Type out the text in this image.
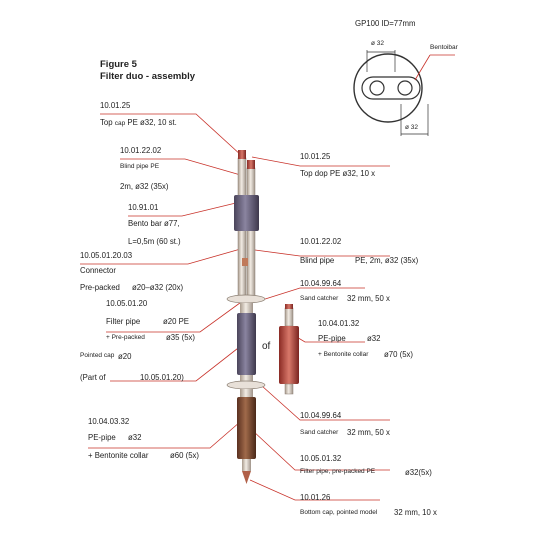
Figure 5
Filter duo - assembly
GP100 ID=77mm
ø 32
ø 32
Bentoibar
10.01.25
Top cap PE ø32, 10 st.
10.01.22.02
Blind pipe PE
2m, ø32 (35x)
10.91.01
Bento bar ø77,
L=0,5m (60 st.)
10.05.01.20.03
Connector
Pre-packed ø20–ø32 (20x)
10.05.01.20
Filter pipe	ø20 PE
+ Pre-packed	ø35 (5x)
Pointed cap ø20
(Part of	10.05.01.20)
10.04.03.32
PE-pipe ø32
+ Bentonite collar	ø60 (5x)
10.01.25
Top dop PE ø32, 10 x
10.01.22.02
Blind pipe	PE, 2m, ø32 (35x)
10.04.99.64
Sand catcher 32 mm, 50 x
10.04.01.32
PE-pipe	ø32
+ Bentonite collar ø70 (5x)
10.04.99.64
Sand catcher 32 mm, 50 x
10.05.01.32
Filter pipe, pre-packed PE	ø32(5x)
10.01.26
Bottom cap, pointed model 32 mm, 10 x
of
